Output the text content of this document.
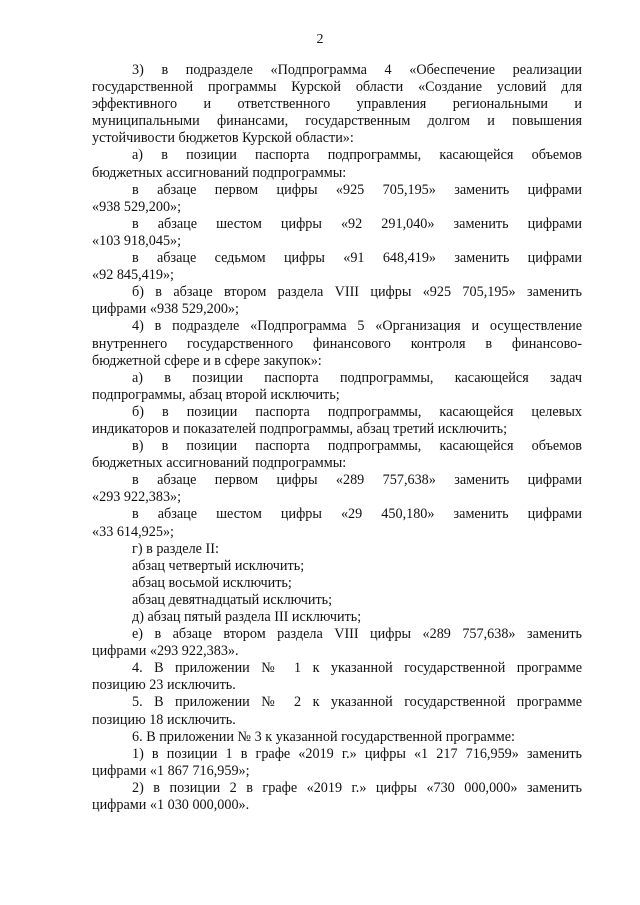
2
3) в подразделе «Подпрограмма 4 «Обеспечение реализации
государственной программы Курской области «Создание условий для
эффективного и ответственного управления региональными и
муниципальными финансами, государственным долгом и повышения
устойчивости бюджетов Курской области»:
а) в позиции паспорта подпрограммы, касающейся объемов
бюджетных ассигнований подпрограммы:
в абзаце первом цифры «925 705,195» заменить цифрами
«938 529,200»;
в абзаце шестом цифры «92 291,040» заменить цифрами
«103 918,045»;
в абзаце седьмом цифры «91 648,419» заменить цифрами
«92 845,419»;
б) в абзаце втором раздела VIII цифры «925 705,195» заменить
цифрами «938 529,200»;
4) в подразделе «Подпрограмма 5 «Организация и осуществление
внутреннего государственного финансового контроля в финансово-
бюджетной сфере и в сфере закупок»:
а) в позиции паспорта подпрограммы, касающейся задач
подпрограммы, абзац второй исключить;
б) в позиции паспорта подпрограммы, касающейся целевых
индикаторов и показателей подпрограммы, абзац третий исключить;
в) в позиции паспорта подпрограммы, касающейся объемов
бюджетных ассигнований подпрограммы:
в абзаце первом цифры «289 757,638» заменить цифрами
«293 922,383»;
в абзаце шестом цифры «29 450,180» заменить цифрами
«33 614,925»;
г) в разделе II:
абзац четвертый исключить;
абзац восьмой исключить;
абзац девятнадцатый исключить;
д) абзац пятый раздела III исключить;
е) в абзаце втором раздела VIII цифры «289 757,638» заменить
цифрами «293 922,383».
4. В приложении № 1 к указанной государственной программе
позицию 23 исключить.
5. В приложении № 2 к указанной государственной программе
позицию 18 исключить.
6. В приложении № 3 к указанной государственной программе:
1) в позиции 1 в графе «2019 г.» цифры «1 217 716,959» заменить
цифрами «1 867 716,959»;
2) в позиции 2 в графе «2019 г.» цифры «730 000,000» заменить
цифрами «1 030 000,000».
